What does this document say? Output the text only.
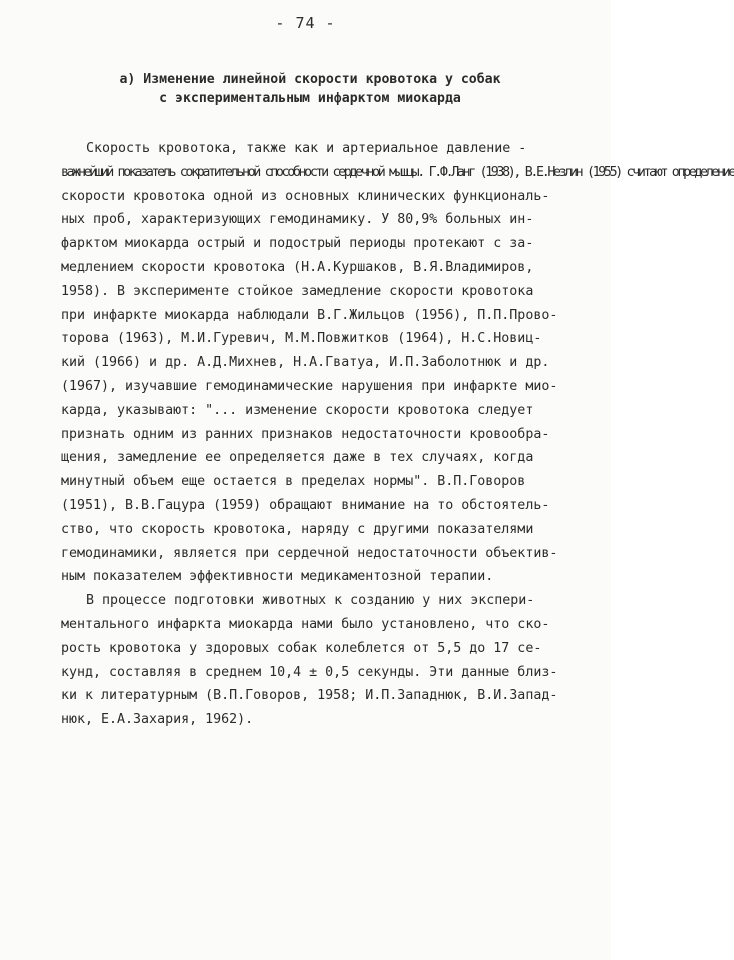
- 74 -
а) Изменение линейной скорости кровотока у собак
с экспериментальным инфарктом миокарда
Скорость кровотока, также как и артериальное давление -
важнейший показатель сократительной способности сердечной мышцы. Г.Ф.Ланг (1938), В.Е.Незлин (1955) считают определение
скорости кровотока одной из основных клинических функциональ-
ных проб, характеризующих гемодинамику. У 80,9% больных ин-
фарктом миокарда острый и подострый периоды протекают с за-
медлением скорости кровотока (Н.А.Куршаков, В.Я.Владимиров,
1958). В эксперименте стойкое замедление скорости кровотока
при инфаркте миокарда наблюдали В.Г.Жильцов (1956), П.П.Прово-
торова (1963), М.И.Гуревич, М.М.Повжитков (1964), Н.С.Новиц-
кий (1966) и др. А.Д.Михнев, Н.А.Гватуа, И.П.Заболотнюк и др.
(1967), изучавшие гемодинамические нарушения при инфаркте мио-
карда, указывают: "... изменение скорости кровотока следует
признать одним из ранних признаков недостаточности кровообра-
щения, замедление ее определяется даже в тех случаях, когда
минутный объем еще остается в пределах нормы". В.П.Говоров
(1951), В.В.Гацура (1959) обращают внимание на то обстоятель-
ство, что скорость кровотока, наряду с другими показателями
гемодинамики, является при сердечной недостаточности объектив-
ным показателем эффективности медикаментозной терапии.
В процессе подготовки животных к созданию у них экспери-
ментального инфаркта миокарда нами было установлено, что ско-
рость кровотока у здоровых собак колеблется от 5,5 до 17 се-
кунд, составляя в среднем 10,4 ± 0,5 секунды. Эти данные близ-
ки к литературным (В.П.Говоров, 1958; И.П.Западнюк, В.И.Запад-
нюк, Е.А.Захария, 1962).
